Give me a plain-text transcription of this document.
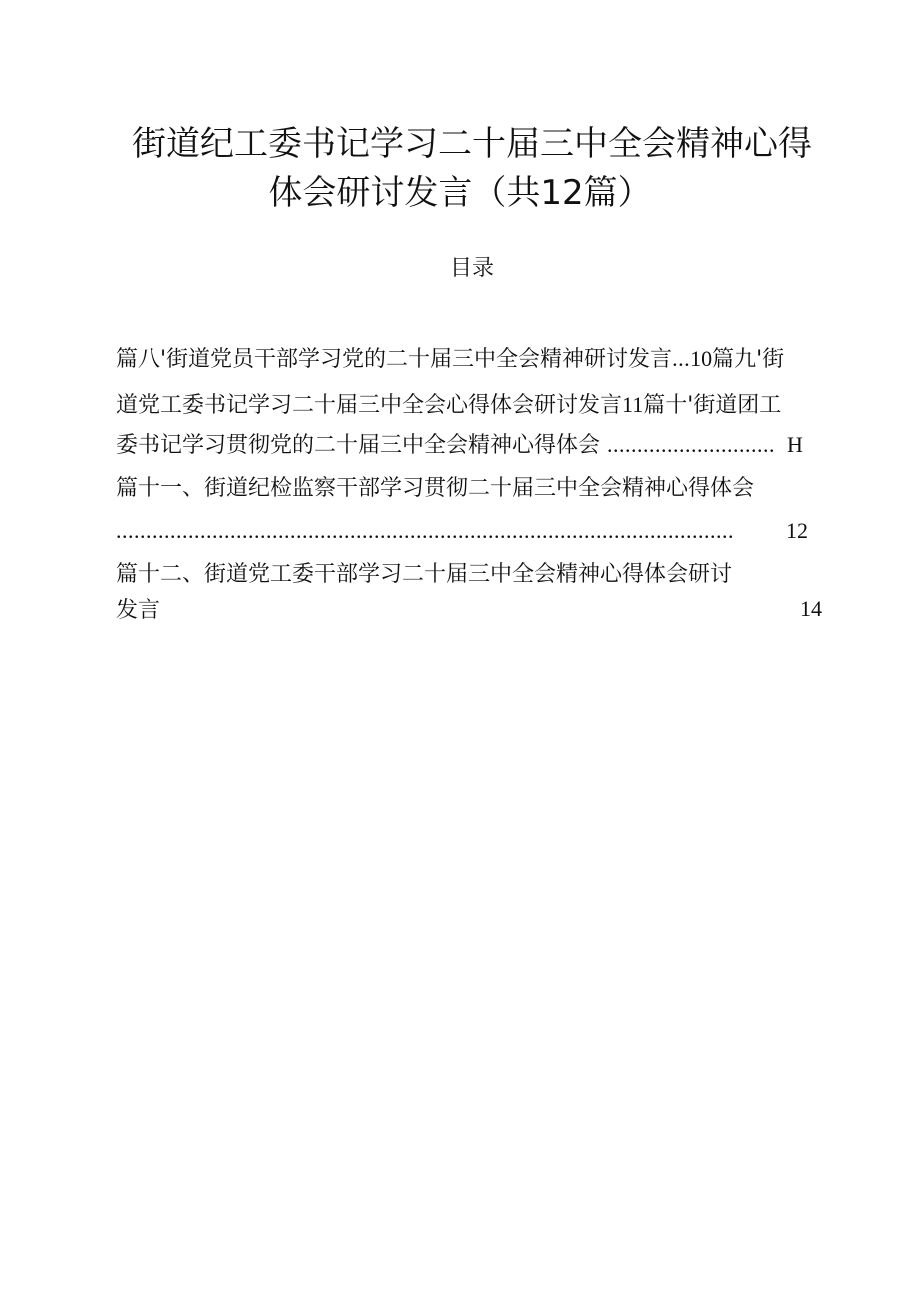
街道纪工委书记学习二十届三中全会精神心得
体会研讨发言（共12篇）
目录
篇八'街道党员干部学习党的二十届三中全会精神研讨发言...10篇九'街
道党工委书记学习二十届三中全会心得体会研讨发言11篇十'街道团工
委书记学习贯彻党的二十届三中全会精神心得体会 ............................ H
篇十一、街道纪检监察干部学习贯彻二十届三中全会精神心得体会
....................................................................................................... 12
篇十二、街道党工委干部学习二十届三中全会精神心得体会研讨
发言	14
